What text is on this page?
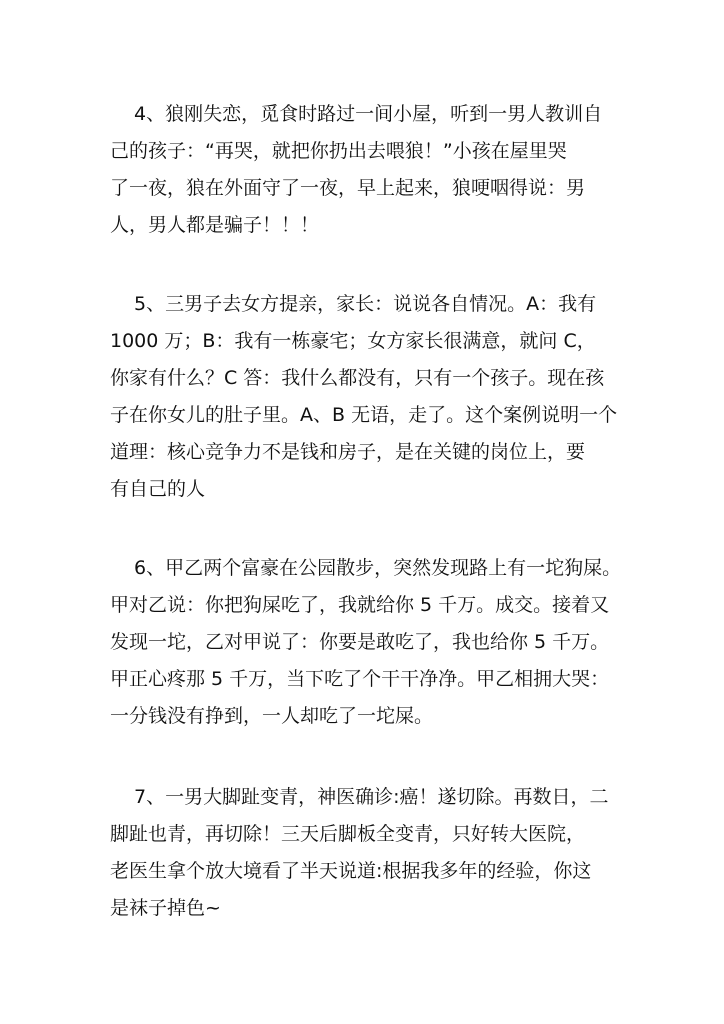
4、狼刚失恋，觅食时路过一间小屋，听到一男人教训自
己的孩子：“再哭，就把你扔出去喂狼！”小孩在屋里哭
了一夜，狼在外面守了一夜，早上起来，狼哽咽得说：男
人，男人都是骗子！！！
5、三男子去女方提亲，家长：说说各自情况。A：我有
1000 万；B：我有一栋豪宅；女方家长很满意，就问 C，
你家有什么？C 答：我什么都没有，只有一个孩子。现在孩
子在你女儿的肚子里。A、B 无语，走了。这个案例说明一个
道理：核心竞争力不是钱和房子，是在关键的岗位上，要
有自己的人
6、甲乙两个富豪在公园散步，突然发现路上有一坨狗屎。
甲对乙说：你把狗屎吃了，我就给你 5 千万。成交。接着又
发现一坨，乙对甲说了：你要是敢吃了，我也给你 5 千万。
甲正心疼那 5 千万，当下吃了个干干净净。甲乙相拥大哭：
一分钱没有挣到，一人却吃了一坨屎。
7、一男大脚趾变青，神医确诊:癌！遂切除。再数日，二
脚趾也青，再切除！三天后脚板全变青，只好转大医院，
老医生拿个放大境看了半天说道:根据我多年的经验，你这
是袜子掉色~
